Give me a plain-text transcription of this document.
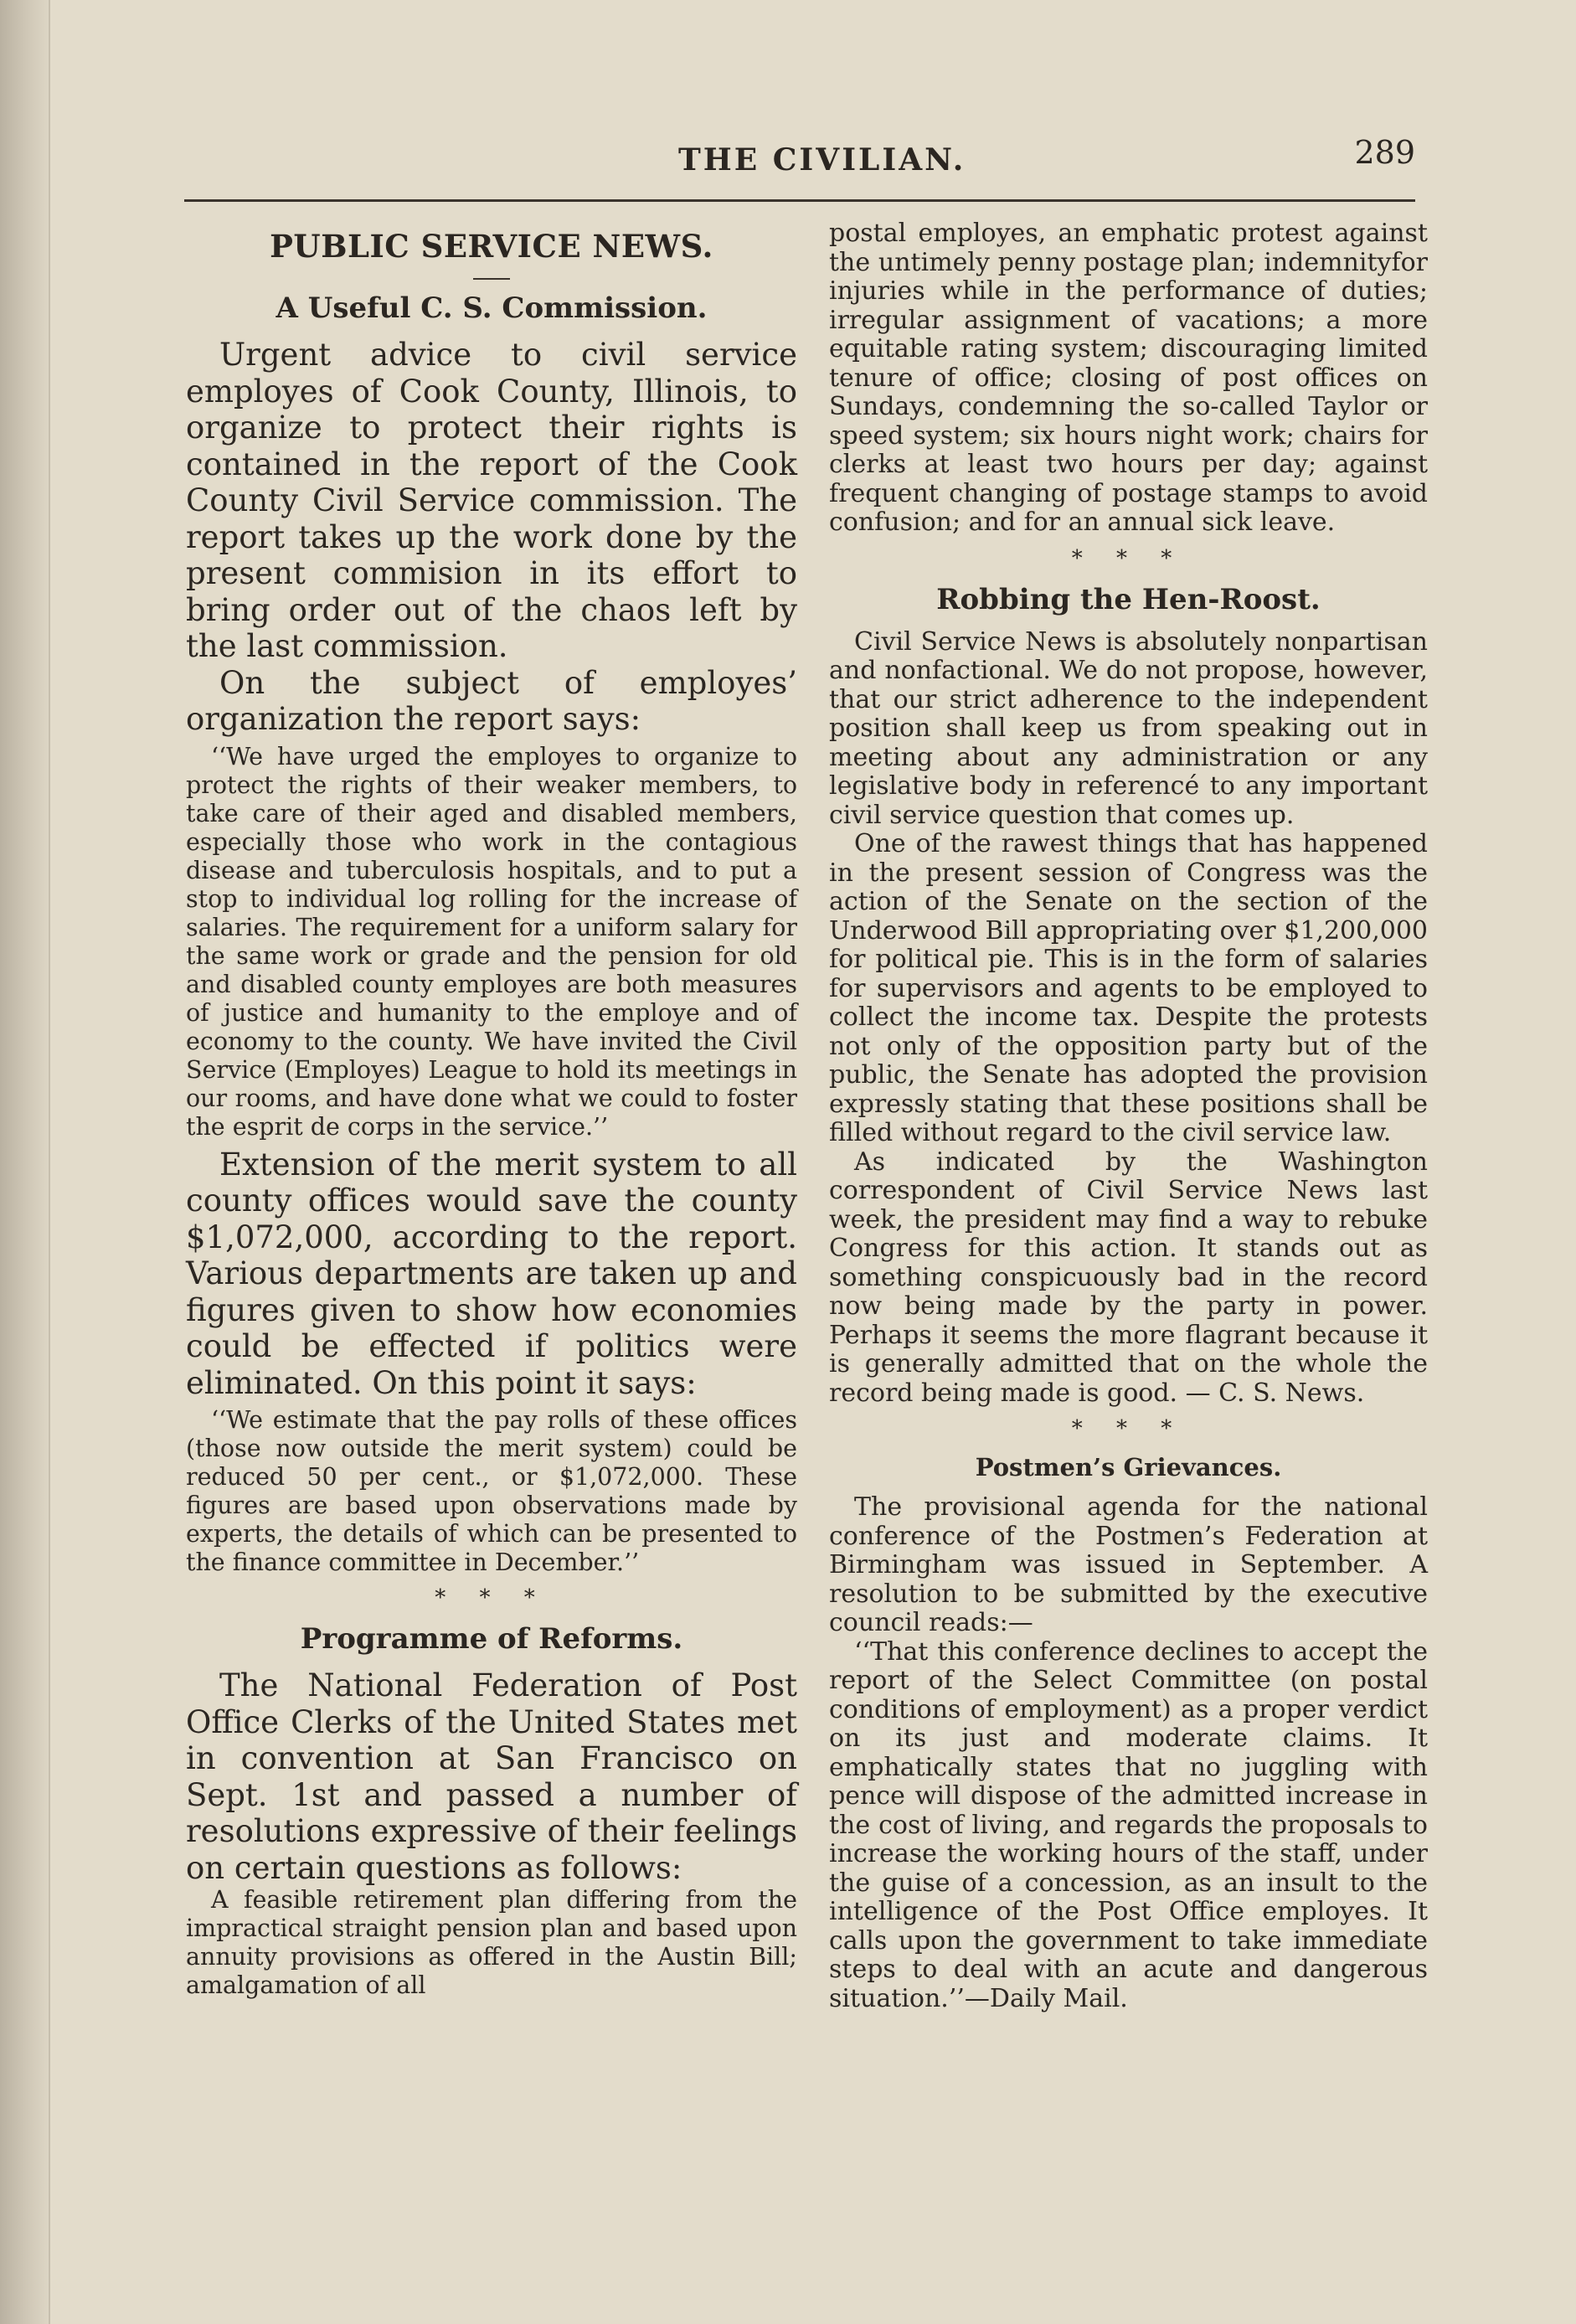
THE CIVILIAN.	289
PUBLIC SERVICE NEWS.
A Useful C. S. Commission.

Urgent advice to civil service employes of Cook County, Illinois, to organize to protect their rights is contained in the report of the Cook County Civil Service commission. The report takes up the work done by the present commision in its effort to bring order out of the chaos left by the last commission.

On the subject of employes’ organization the report says:

‘‘We have urged the employes to organize to protect the rights of their weaker members, to take care of their aged and disabled members, especially those who work in the contagious disease and tuberculosis hospitals, and to put a stop to individual log rolling for the increase of salaries. The requirement for a uniform salary for the same work or grade and the pension for old and disabled county employes are both measures of justice and humanity to the employe and of economy to the county. We have invited the Civil Service (Employes) League to hold its meetings in our rooms, and have done what we could to foster the esprit de corps in the service.’’

Extension of the merit system to all county offices would save the county $1,072,000, according to the report. Various departments are taken up and figures given to show how economies could be effected if politics were eliminated. On this point it says:

‘‘We estimate that the pay rolls of these offices (those now outside the merit system) could be reduced 50 per cent., or $1,072,000. These figures are based upon observations made by experts, the details of which can be presented to the finance committee in December.’’

* * *
Programme of Reforms.

The National Federation of Post Office Clerks of the United States met in convention at San Francisco on Sept. 1st and passed a number of resolutions expressive of their feelings on certain questions as follows:

A feasible retirement plan differing from the impractical straight pension plan and based upon annuity provisions as offered in the Austin Bill; amalgamation of all

postal employes, an emphatic protest against the untimely penny postage plan; indemnityfor injuries while in the performance of duties; irregular assignment of vacations; a more equitable rating system; discouraging limited tenure of office; closing of post offices on Sundays, condemning the so-called Taylor or speed system; six hours night work; chairs for clerks at least two hours per day; against frequent changing of postage stamps to avoid confusion; and for an annual sick leave.

* * *
Robbing the Hen-Roost.

Civil Service News is absolutely nonpartisan and nonfactional. We do not propose, however, that our strict adherence to the independent position shall keep us from speaking out in meeting about any administration or any legislative body in referencé to any important civil service question that comes up.

One of the rawest things that has happened in the present session of Congress was the action of the Senate on the section of the Underwood Bill appropriating over $1,200,000 for political pie. This is in the form of salaries for supervisors and agents to be employed to collect the income tax. Despite the protests not only of the opposition party but of the public, the Senate has adopted the provision expressly stating that these positions shall be filled without regard to the civil service law.

As indicated by the Washington correspondent of Civil Service News last week, the president may find a way to rebuke Congress for this action. It stands out as something conspicuously bad in the record now being made by the party in power. Perhaps it seems the more flagrant because it is generally admitted that on the whole the record being made is good. — C. S. News.

* * *
Postmen’s Grievances.

The provisional agenda for the national conference of the Postmen’s Federation at Birmingham was issued in September. A resolution to be submitted by the executive council reads:—

‘‘That this conference declines to accept the report of the Select Committee (on postal conditions of employment) as a proper verdict on its just and moderate claims. It emphatically states that no juggling with pence will dispose of the admitted increase in the cost of living, and regards the proposals to increase the working hours of the staff, under the guise of a concession, as an insult to the intelligence of the Post Office employes. It calls upon the government to take immediate steps to deal with an acute and dangerous situation.’’—Daily Mail.
